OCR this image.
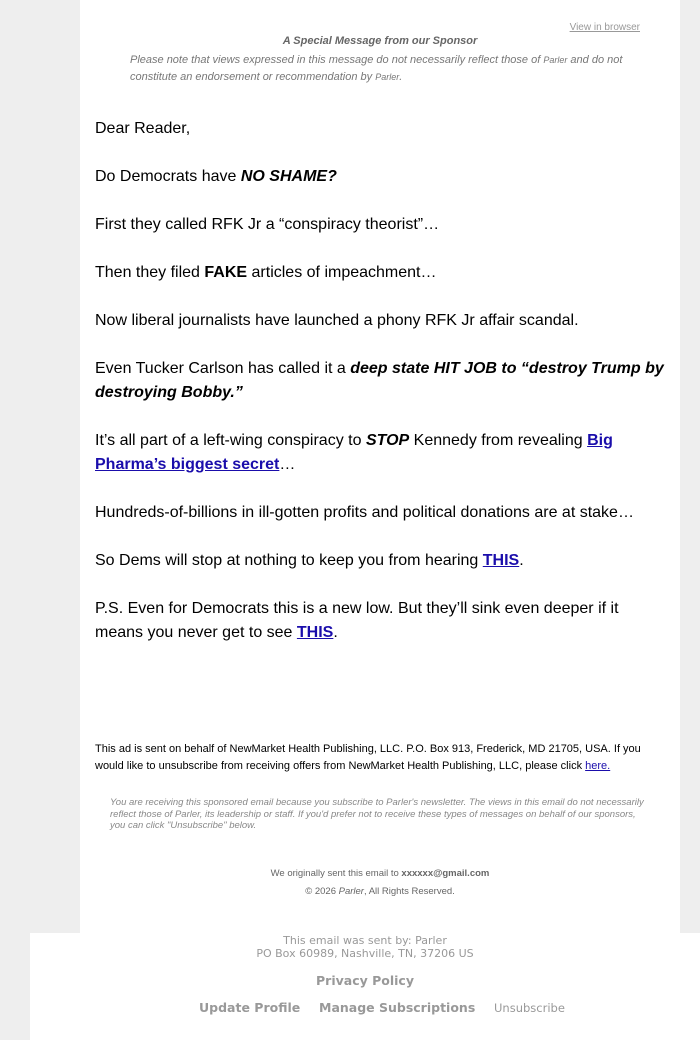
View in browser
A Special Message from our Sponsor
Please note that views expressed in this message do not necessarily reflect those of Parler and do not constitute an endorsement or recommendation by Parler.

Dear Reader,

Do Democrats have NO SHAME?

First they called RFK Jr a “conspiracy theorist”…

Then they filed FAKE articles of impeachment…

Now liberal journalists have launched a phony RFK Jr affair scandal.

Even Tucker Carlson has called it a deep state HIT JOB to “destroy Trump by destroying Bobby.”

It’s all part of a left-wing conspiracy to STOP Kennedy from revealing Big Pharma’s biggest secret…

Hundreds-of-billions in ill-gotten profits and political donations are at stake…

So Dems will stop at nothing to keep you from hearing THIS.

P.S. Even for Democrats this is a new low. But they’ll sink even deeper if it means you never get to see THIS.

This ad is sent on behalf of NewMarket Health Publishing, LLC. P.O. Box 913, Frederick, MD 21705, USA. If you would like to unsubscribe from receiving offers from NewMarket Health Publishing, LLC, please click here.
You are receiving this sponsored email because you subscribe to Parler's newsletter. The views in this email do not necessarily reflect those of Parler, its leadership or staff. If you'd prefer not to receive these types of messages on behalf of our sponsors, you can click "Unsubscribe" below.
We originally sent this email to xxxxxx@gmail.com
© 2026 Parler, All Rights Reserved.
This email was sent by: Parler
PO Box 60989, Nashville, TN, 37206 US
Privacy Policy
Update Profile Manage Subscriptions Unsubscribe
